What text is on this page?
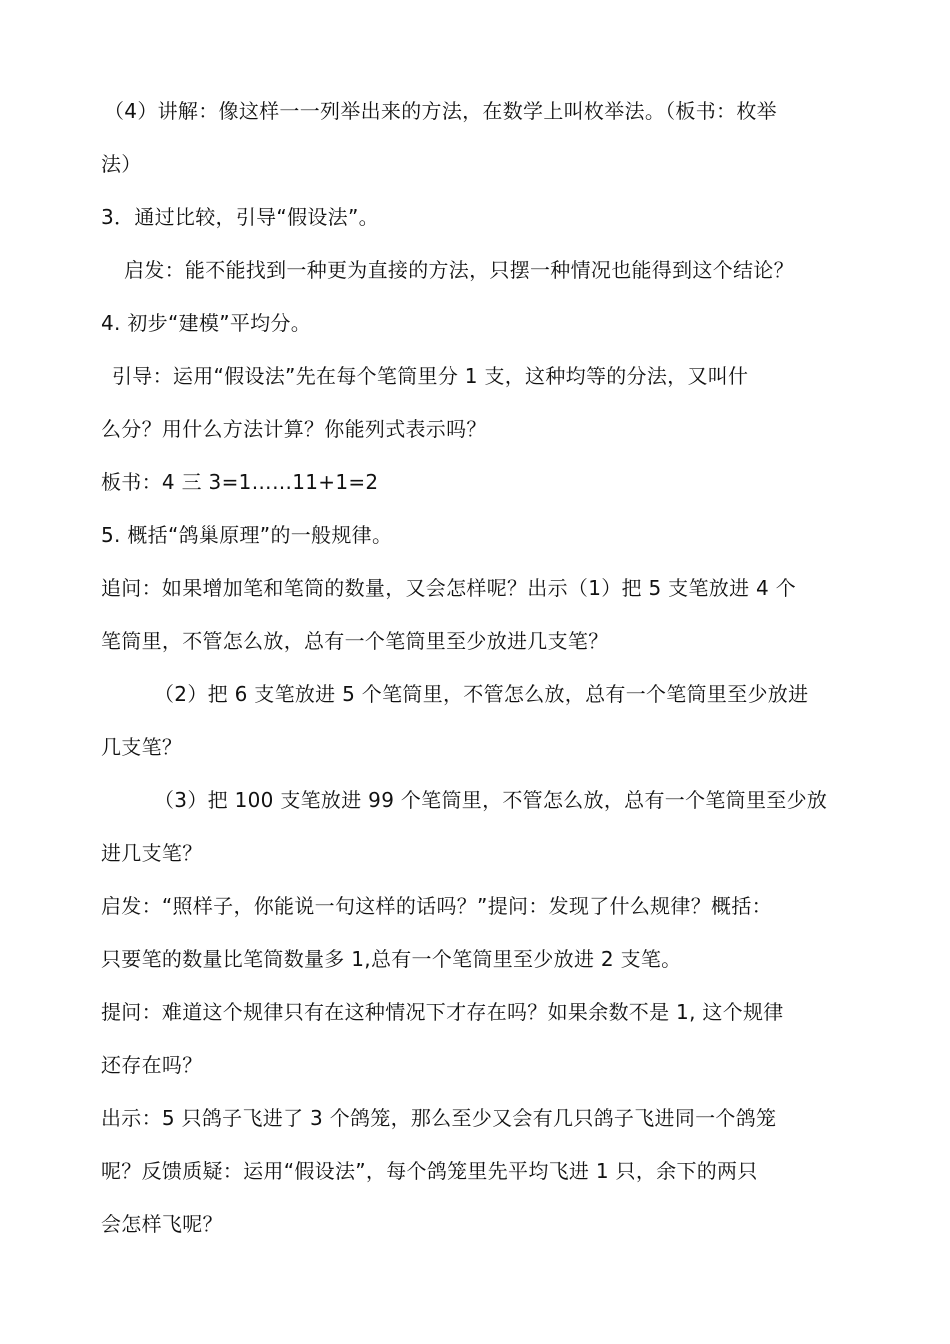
（4）讲解：像这样一一列举出来的方法，在数学上叫枚举法。（板书：枚举
法）
3．通过比较，引导“假设法”。
启发：能不能找到一种更为直接的方法，只摆一种情况也能得到这个结论？
4. 初步“建模”平均分。
引导：运用“假设法”先在每个笔筒里分 1 支，这种均等的分法，又叫什
么分？用什么方法计算？你能列式表示吗？
板书：4 三 3=1……11+1=2
5. 概括“鸽巢原理”的一般规律。
追问：如果增加笔和笔筒的数量，又会怎样呢？出示（1）把 5 支笔放进 4 个
笔筒里，不管怎么放，总有一个笔筒里至少放进几支笔？
（2）把 6 支笔放进 5 个笔筒里，不管怎么放，总有一个笔筒里至少放进
几支笔？
（3）把 100 支笔放进 99 个笔筒里，不管怎么放，总有一个笔筒里至少放
进几支笔？
启发：“照样子，你能说一句这样的话吗？”提问：发现了什么规律？概括：
只要笔的数量比笔筒数量多 1,总有一个笔筒里至少放进 2 支笔。
提问：难道这个规律只有在这种情况下才存在吗？如果余数不是 1, 这个规律
还存在吗？
出示：5 只鸽子飞进了 3 个鸽笼，那么至少又会有几只鸽子飞进同一个鸽笼
呢？反馈质疑：运用“假设法”，每个鸽笼里先平均飞进 1 只，余下的两只
会怎样飞呢？
